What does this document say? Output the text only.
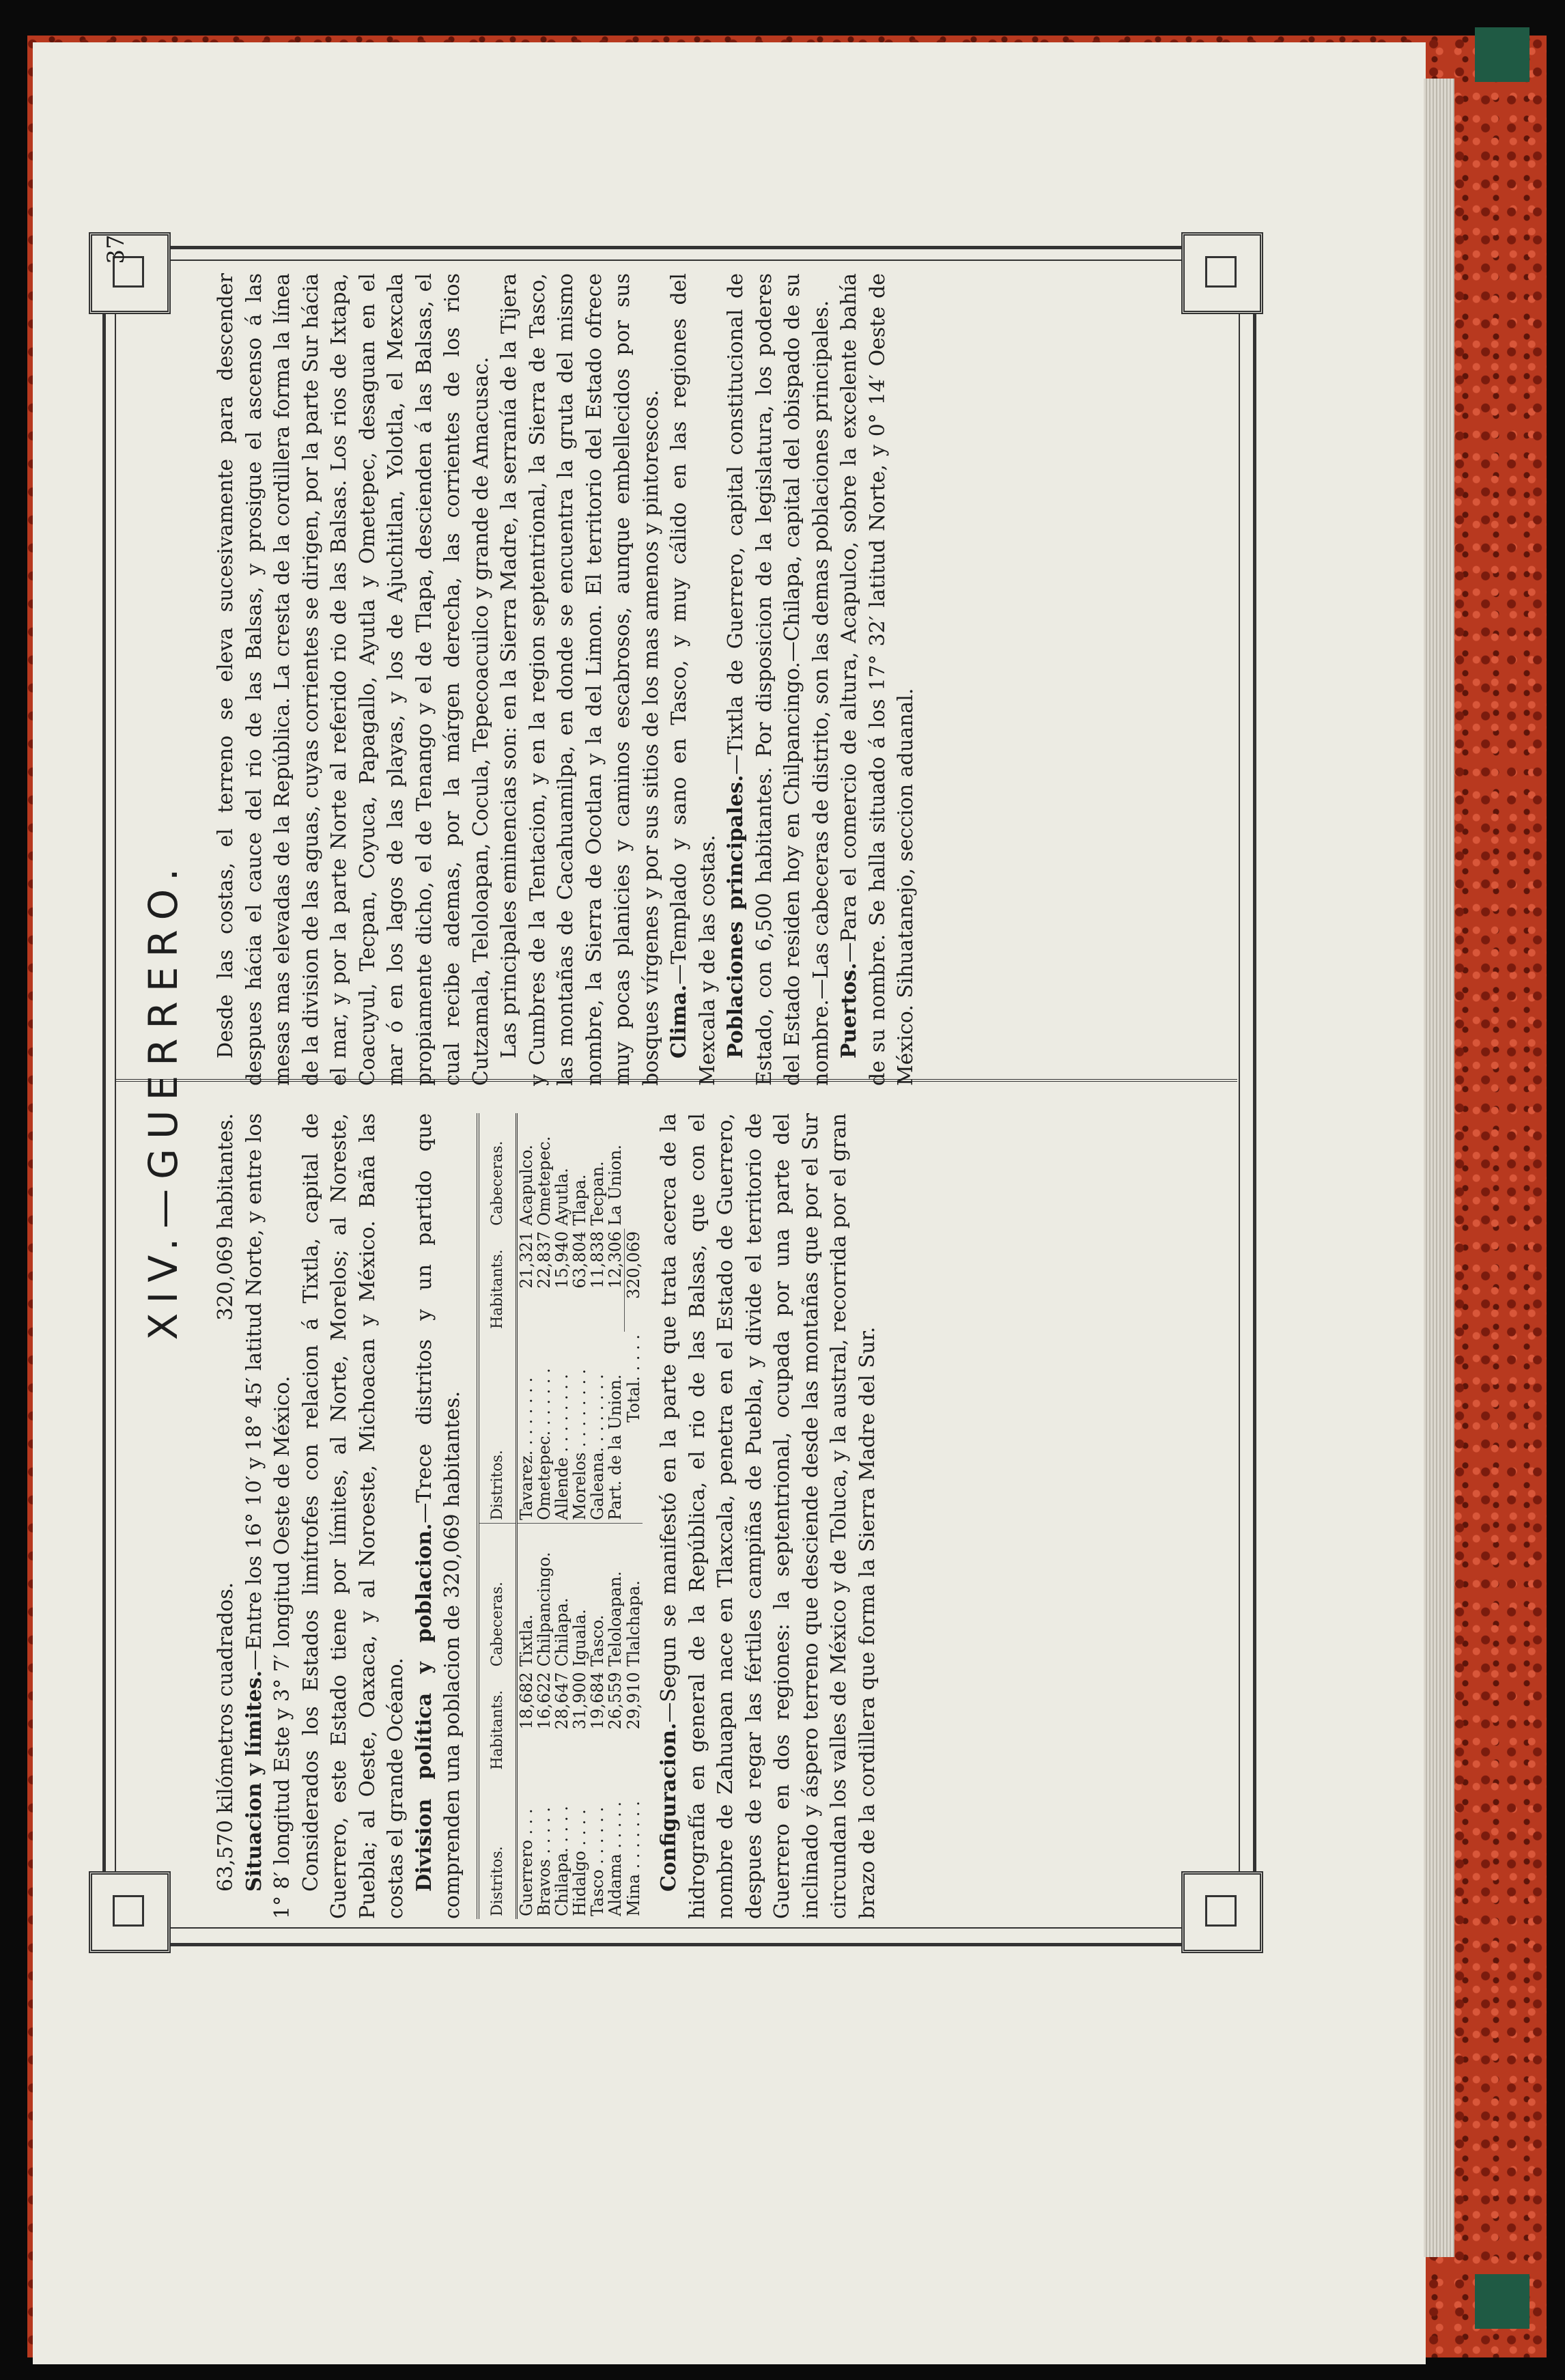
37
XIV.—GUERRERO.
63,570 kilómetros cuadrados.
320,069 habitantes.

Situacion y límites.—Entre los 16° 10′ y 18° 45′ latitud Norte, y entre los 1° 8′ longitud Este y 3° 7′ longitud Oeste de México. Considerados los Estados limítrofes con relacion á Tixtla, capital de Guerrero, este Estado tiene por límites, al Norte, Morelos; al Noreste, Puebla; al Oeste, Oaxaca, y al Noroeste, Michoacan y México. Baña las costas el grande Océano. Division política y poblacion.—Trece distritos y un partido que comprenden una poblacion de 320,069 habitantes. Distritos.	Habitants.	Cabeceras.	Distritos.	Habitants.	Cabeceras.
Guerrero . . .	18,682	Tixtla.	Tavarez. . . . . . . .	21,321	Acapulco.
Bravos . . . . .	16,622	Chilpancingo.	Ometepec. . . . . . .	22,837	Ometepec.
Chilapa. . . . .	28,647	Chilapa.	Allende . . . . . . . .	15,940	Ayutla.
Hidalgo . . . .	31,900	Iguala.	Morelos . . . . . . . .	63,804	Tlapa.
Tasco . . . . . .	19,684	Tasco.	Galeana. . . . . . . .	11,838	Tecpan.
Aldama . . . . .	26,559	Teloloapan.	Part. de la Union.	12,306	La Union.
Mina . . . . . . .	29,910	Tlalchapa.	Total. . . . .	320,069	

Configuracion.—Segun se manifestó en la parte que trata acerca de la hidrografía en general de la República, el rio de las Balsas, que con el nombre de Zahuapan nace en Tlaxcala, penetra en el Estado de Guerrero, despues de regar las fértiles campiñas de Puebla, y divide el territorio de Guerrero en dos regiones: la septentrional, ocupada por una parte del inclinado y áspero terreno que desciende desde las montañas que por el Sur circundan los valles de México y de Toluca, y la austral, recorrida por el gran brazo de la cordillera que forma la Sierra Madre del Sur.

Desde las costas, el terreno se eleva sucesivamente para descender despues hácia el cauce del rio de las Balsas, y prosigue el ascenso á las mesas mas elevadas de la República. La cresta de la cordillera forma la línea de la division de las aguas, cuyas corrientes se dirigen, por la parte Sur hácia el mar, y por la parte Norte al referido rio de las Balsas. Los rios de Ixtapa, Coacuyul, Tecpan, Coyuca, Papagallo, Ayutla y Ometepec, desaguan en el mar ó en los lagos de las playas, y los de Ajuchitlan, Yolotla, el Mexcala propiamente dicho, el de Tenango y el de Tlapa, descienden á las Balsas, el cual recibe ademas, por la márgen derecha, las corrientes de los rios Cutzamala, Teloloapan, Cocula, Tepecoacuilco y grande de Amacusac. Las principales eminencias son: en la Sierra Madre, la serranía de la Tijera y Cumbres de la Tentacion, y en la region septentrional, la Sierra de Tasco, las montañas de Cacahuamilpa, en donde se encuentra la gruta del mismo nombre, la Sierra de Ocotlan y la del Limon. El territorio del Estado ofrece muy pocas planicies y caminos escabrosos, aunque embellecidos por sus bosques vírgenes y por sus sitios de los mas amenos y pintorescos. Clima.—Templado y sano en Tasco, y muy cálido en las regiones del Mexcala y de las costas. Poblaciones principales.—Tixtla de Guerrero, capital constitucional de Estado, con 6,500 habitantes. Por disposicion de la legislatura, los poderes del Estado residen hoy en Chilpancingo.—Chilapa, capital del obispado de su nombre.—Las cabeceras de distrito, son las demas poblaciones principales. Puertos.—Para el comercio de altura, Acapulco, sobre la excelente bahía de su nombre. Se halla situado á los 17° 32′ latitud Norte, y 0° 14′ Oeste de México. Sihuatanejo, seccion aduanal.
